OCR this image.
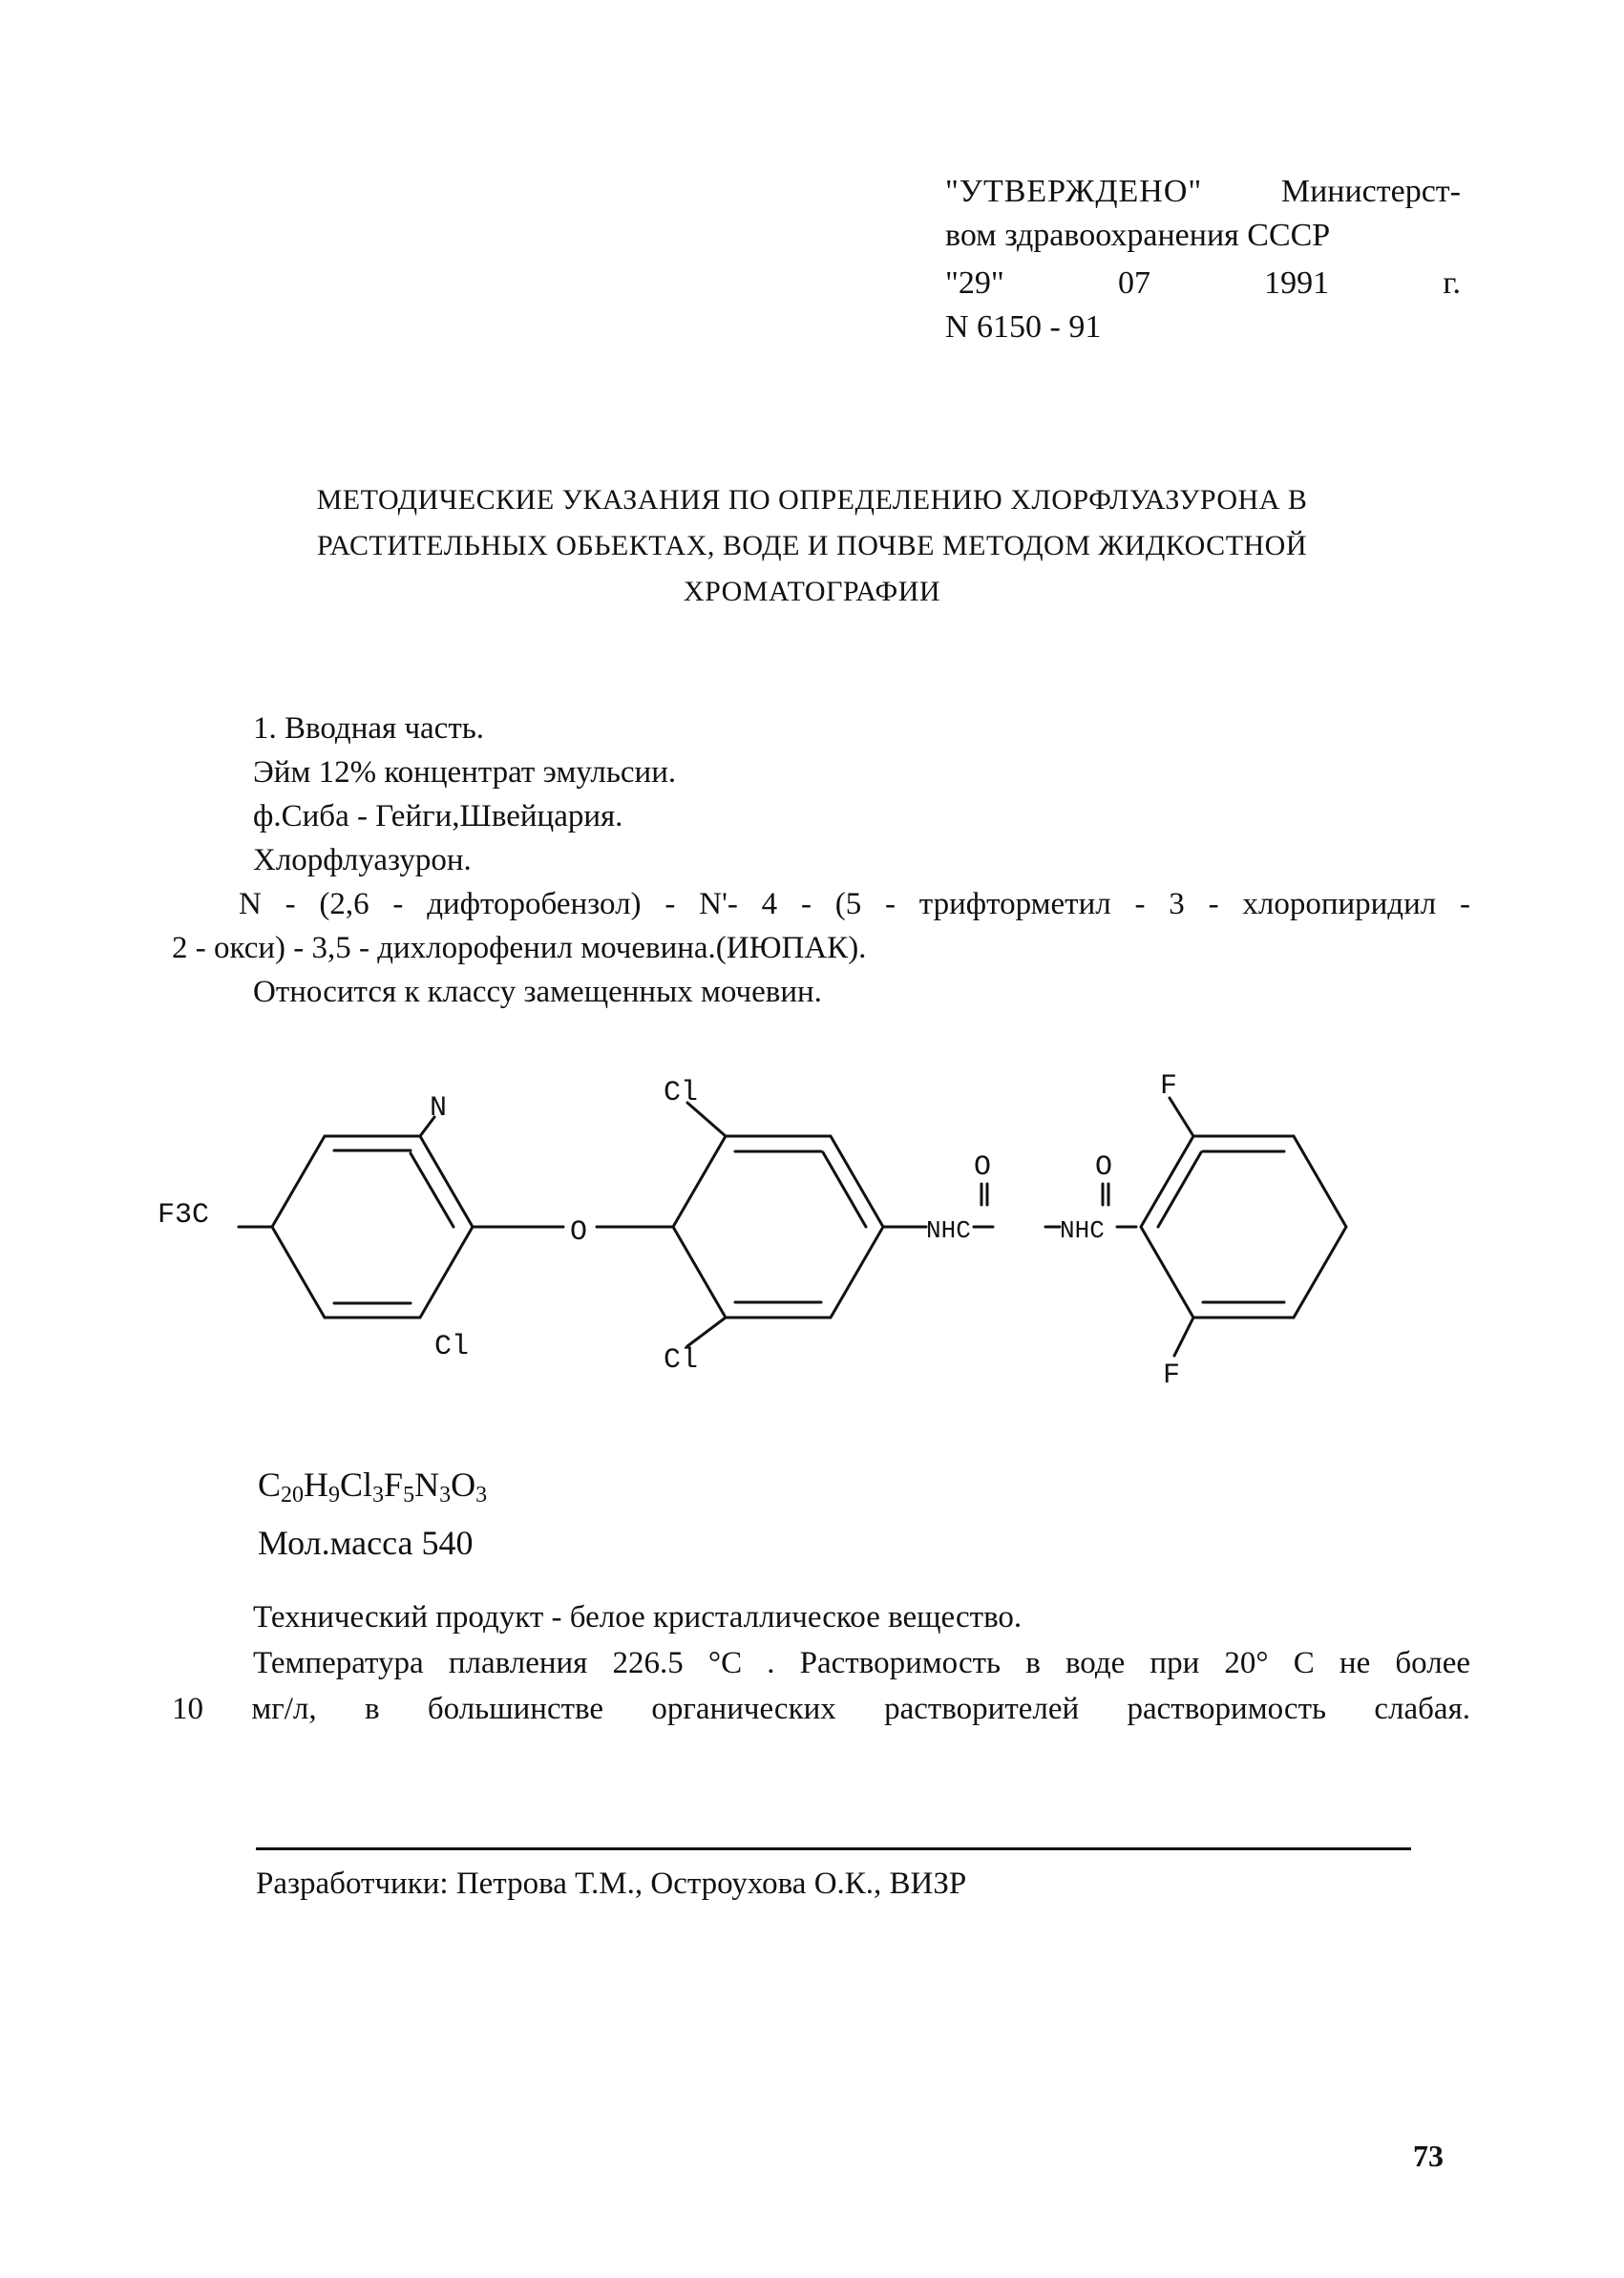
"УТВЕРЖДЕНО" Министерст-
вом здравоохранения СССР
"29"	07	1991	г.
N 6150 - 91
МЕТОДИЧЕСКИЕ УКАЗАНИЯ ПО ОПРЕДЕЛЕНИЮ ХЛОРФЛУАЗУРОНА В
РАСТИТЕЛЬНЫХ ОБЬЕКТАХ, ВОДЕ И ПОЧВЕ МЕТОДОМ ЖИДКОСТНОЙ
ХРОМАТОГРАФИИ

1. Вводная часть.

Эйм 12% концентрат эмульсии.

ф.Сиба - Гейги,Швейцария.

Хлорфлуазурон.

N - (2,6 - дифторобензол) - N'- 4 - (5 - трифторметил - 3 - хлоропиридил -

2 - окси) - 3,5 - дихлорофенил мочевина.(ИЮПАК).

Относится к классу замещенных мочевин.

F3C
N
O
Cl
Cl
Cl
O	O
NHC	NHC
F
F
$C_{20}H_9Cl_3F_5N_3O_3$
Мол.масса 540

Технический продукт - белое кристаллическое вещество.

Температура плавления 226.5 °С . Растворимость в воде при 20° С не более

10 мг/л, в большинстве органических растворителей растворимость слабая.

Разработчики: Петрова Т.М., Остроухова О.К., ВИЗР
73
